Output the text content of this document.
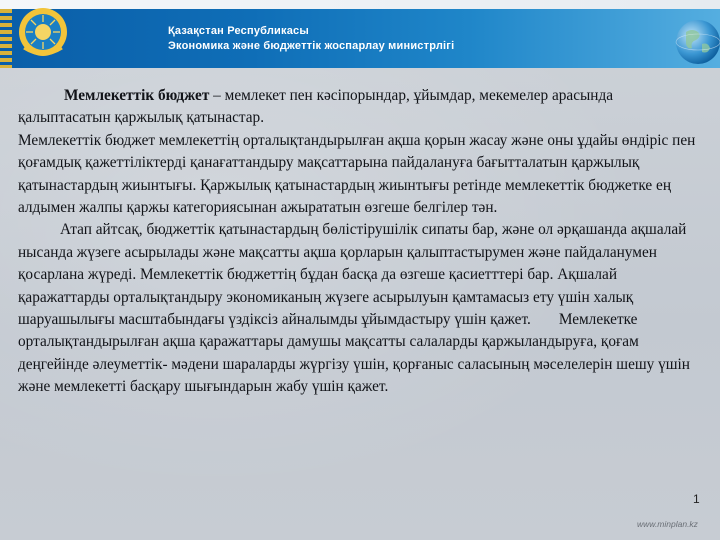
Қазақстан Республикасы
Экономика және бюджеттік жоспарлау министрлігі

Мемлекеттік бюджет – мемлекет пен кәсіпорындар, ұйымдар, мекемелер арасында қалыптасатын қаржылық қатынастар.

Мемлекеттік бюджет мемлекеттің орталықтандырылған ақша қорын жасау және оны ұдайы өндіріс пен қоғамдық қажеттіліктерді қанағаттандыру мақсаттарына пайдалануға бағытталатын қаржылық қатынастардың жиынтығы. Қаржылық қатынастардың жиынтығы ретінде мемлекеттік бюджетке ең алдымен жалпы қаржы категориясынан ажырататын өзгеше белгілер тән.

Атап айтсақ, бюджеттік қатынастардың бөлістірушілік сипаты бар, және ол әрқашанда ақшалай нысанда жүзеге асырылады және мақсатты ақша қорларын қалыптастырумен және пайдаланумен қосарлана жүреді. Мемлекеттік бюджеттің бұдан басқа да өзгеше қасиетттері бар. Ақшалай қаражаттарды орталықтандыру экономиканың жүзеге асырылуын қамтамасыз ету үшін халық шаруашылығы масштабындағы үздіксіз айналымды ұйымдастыру үшін қажет. Мемлекетке орталықтандырылған ақша қаражаттары дамушы мақсатты салаларды қаржыландыруға, қоғам деңгейінде әлеуметтік- мәдени шараларды жүргізу үшін, қорғаныс саласының мәселелерін шешу үшін және мемлекетті басқару шығындарын жабу үшін қажет.

1
www.minplan.kz
